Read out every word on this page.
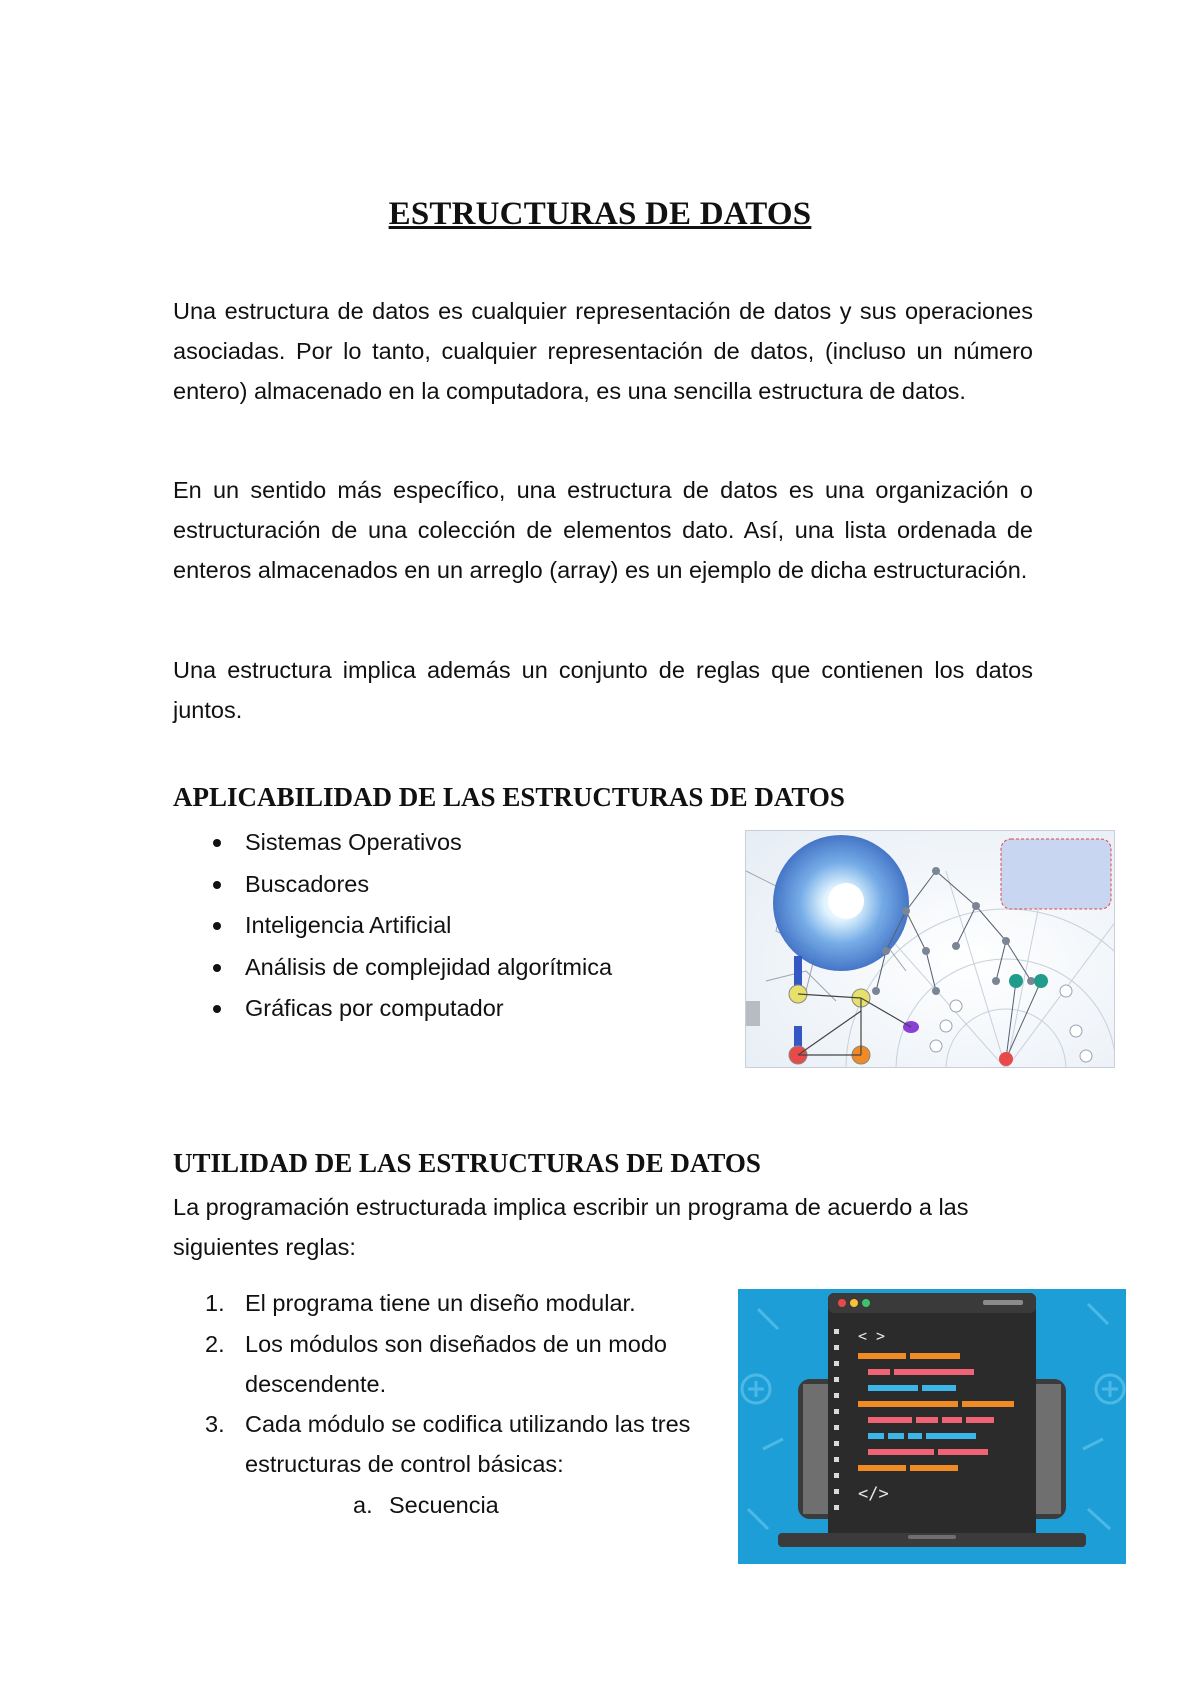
ESTRUCTURAS DE DATOS
Una estructura de datos es cualquier representación de datos y sus operaciones asociadas. Por lo tanto, cualquier representación de datos, (incluso un número entero) almacenado en la computadora, es una sencilla estructura de datos.
En un sentido más específico, una estructura de datos es una organización o estructuración de una colección de elementos dato. Así, una lista ordenada de enteros almacenados en un arreglo (array) es un ejemplo de dicha estructuración.
Una estructura implica además un conjunto de reglas que contienen los datos juntos.
APLICABILIDAD DE LAS ESTRUCTURAS DE DATOS
Sistemas Operativos
Buscadores
Inteligencia Artificial
Análisis de complejidad algorítmica
Gráficas por computador
UTILIDAD DE LAS ESTRUCTURAS DE DATOS
La programación estructurada implica escribir un programa de acuerdo a las siguientes reglas:
1. El programa tiene un diseño modular.
2. Los módulos son diseñados de un modo descendente.
3. Cada módulo se codifica utilizando las tres estructuras de control básicas:
a. Secuencia
< >
</>
